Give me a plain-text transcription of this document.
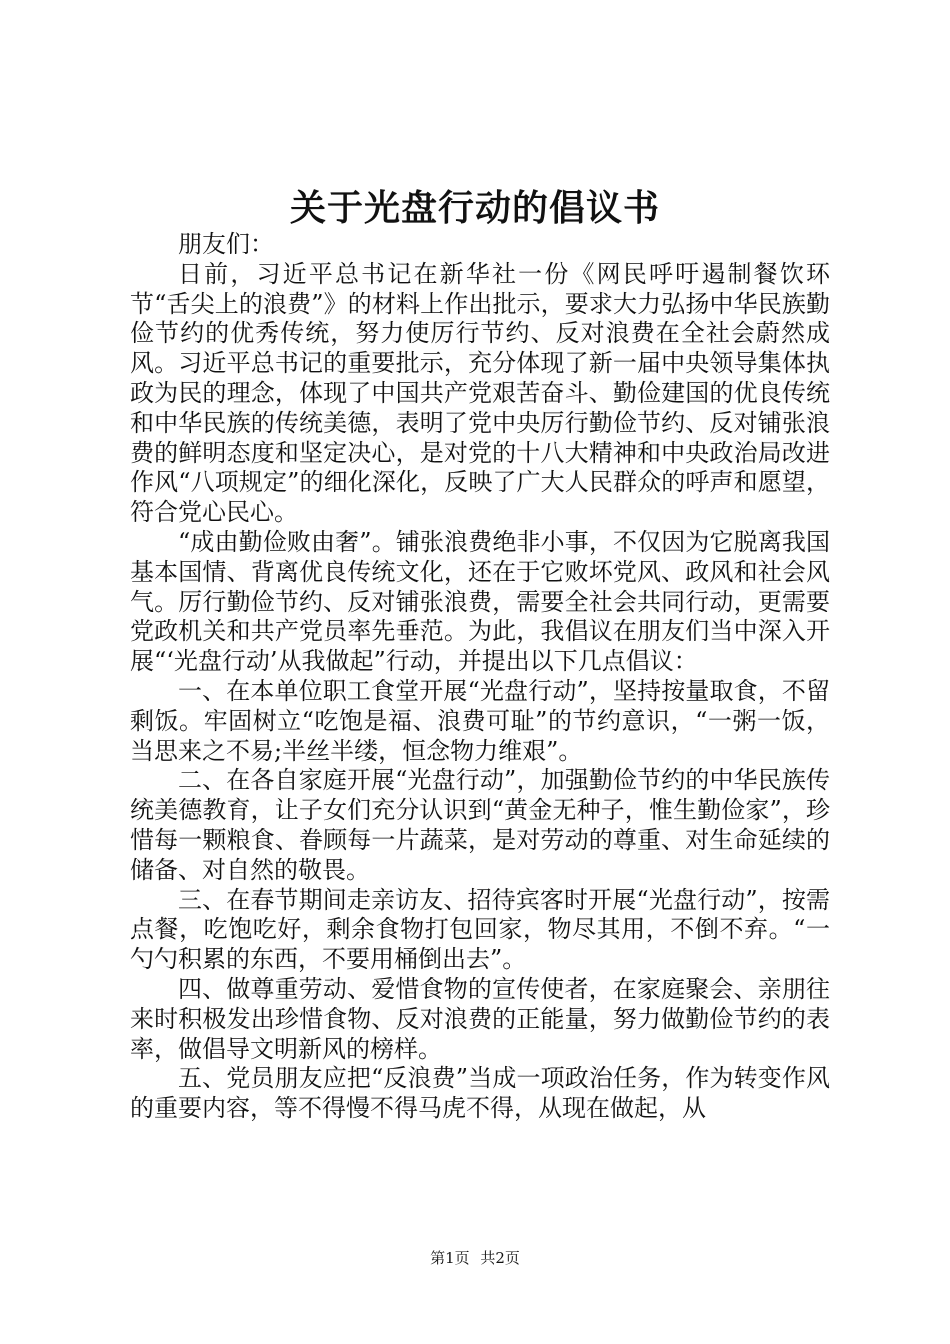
关于光盘行动的倡议书

朋友们：

日前，习近平总书记在新华社一份《网民呼吁遏制餐饮环节“舌尖上的浪费”》的材料上作出批示，要求大力弘扬中华民族勤俭节约的优秀传统，努力使厉行节约、反对浪费在全社会蔚然成风。习近平总书记的重要批示，充分体现了新一届中央领导集体执政为民的理念，体现了中国共产党艰苦奋斗、勤俭建国的优良传统和中华民族的传统美德，表明了党中央厉行勤俭节约、反对铺张浪费的鲜明态度和坚定决心，是对党的十八大精神和中央政治局改进作风“八项规定”的细化深化，反映了广大人民群众的呼声和愿望，符合党心民心。

“成由勤俭败由奢”。铺张浪费绝非小事，不仅因为它脱离我国基本国情、背离优良传统文化，还在于它败坏党风、政风和社会风气。厉行勤俭节约、反对铺张浪费，需要全社会共同行动，更需要党政机关和共产党员率先垂范。为此，我倡议在朋友们当中深入开展“‘光盘行动’从我做起”行动，并提出以下几点倡议：

一、在本单位职工食堂开展“光盘行动”，坚持按量取食，不留剩饭。牢固树立“吃饱是福、浪费可耻”的节约意识，“一粥一饭，当思来之不易;半丝半缕，恒念物力维艰”。

二、在各自家庭开展“光盘行动”，加强勤俭节约的中华民族传统美德教育，让子女们充分认识到“黄金无种子，惟生勤俭家”，珍惜每一颗粮食、眷顾每一片蔬菜，是对劳动的尊重、对生命延续的储备、对自然的敬畏。

三、在春节期间走亲访友、招待宾客时开展“光盘行动”，按需点餐，吃饱吃好，剩余食物打包回家，物尽其用，不倒不弃。“一勺勺积累的东西，不要用桶倒出去”。

四、做尊重劳动、爱惜食物的宣传使者，在家庭聚会、亲朋往来时积极发出珍惜食物、反对浪费的正能量，努力做勤俭节约的表率，做倡导文明新风的榜样。

五、党员朋友应把“反浪费”当成一项政治任务，作为转变作风的重要内容，等不得慢不得马虎不得，从现在做起，从

第1页 共2页
